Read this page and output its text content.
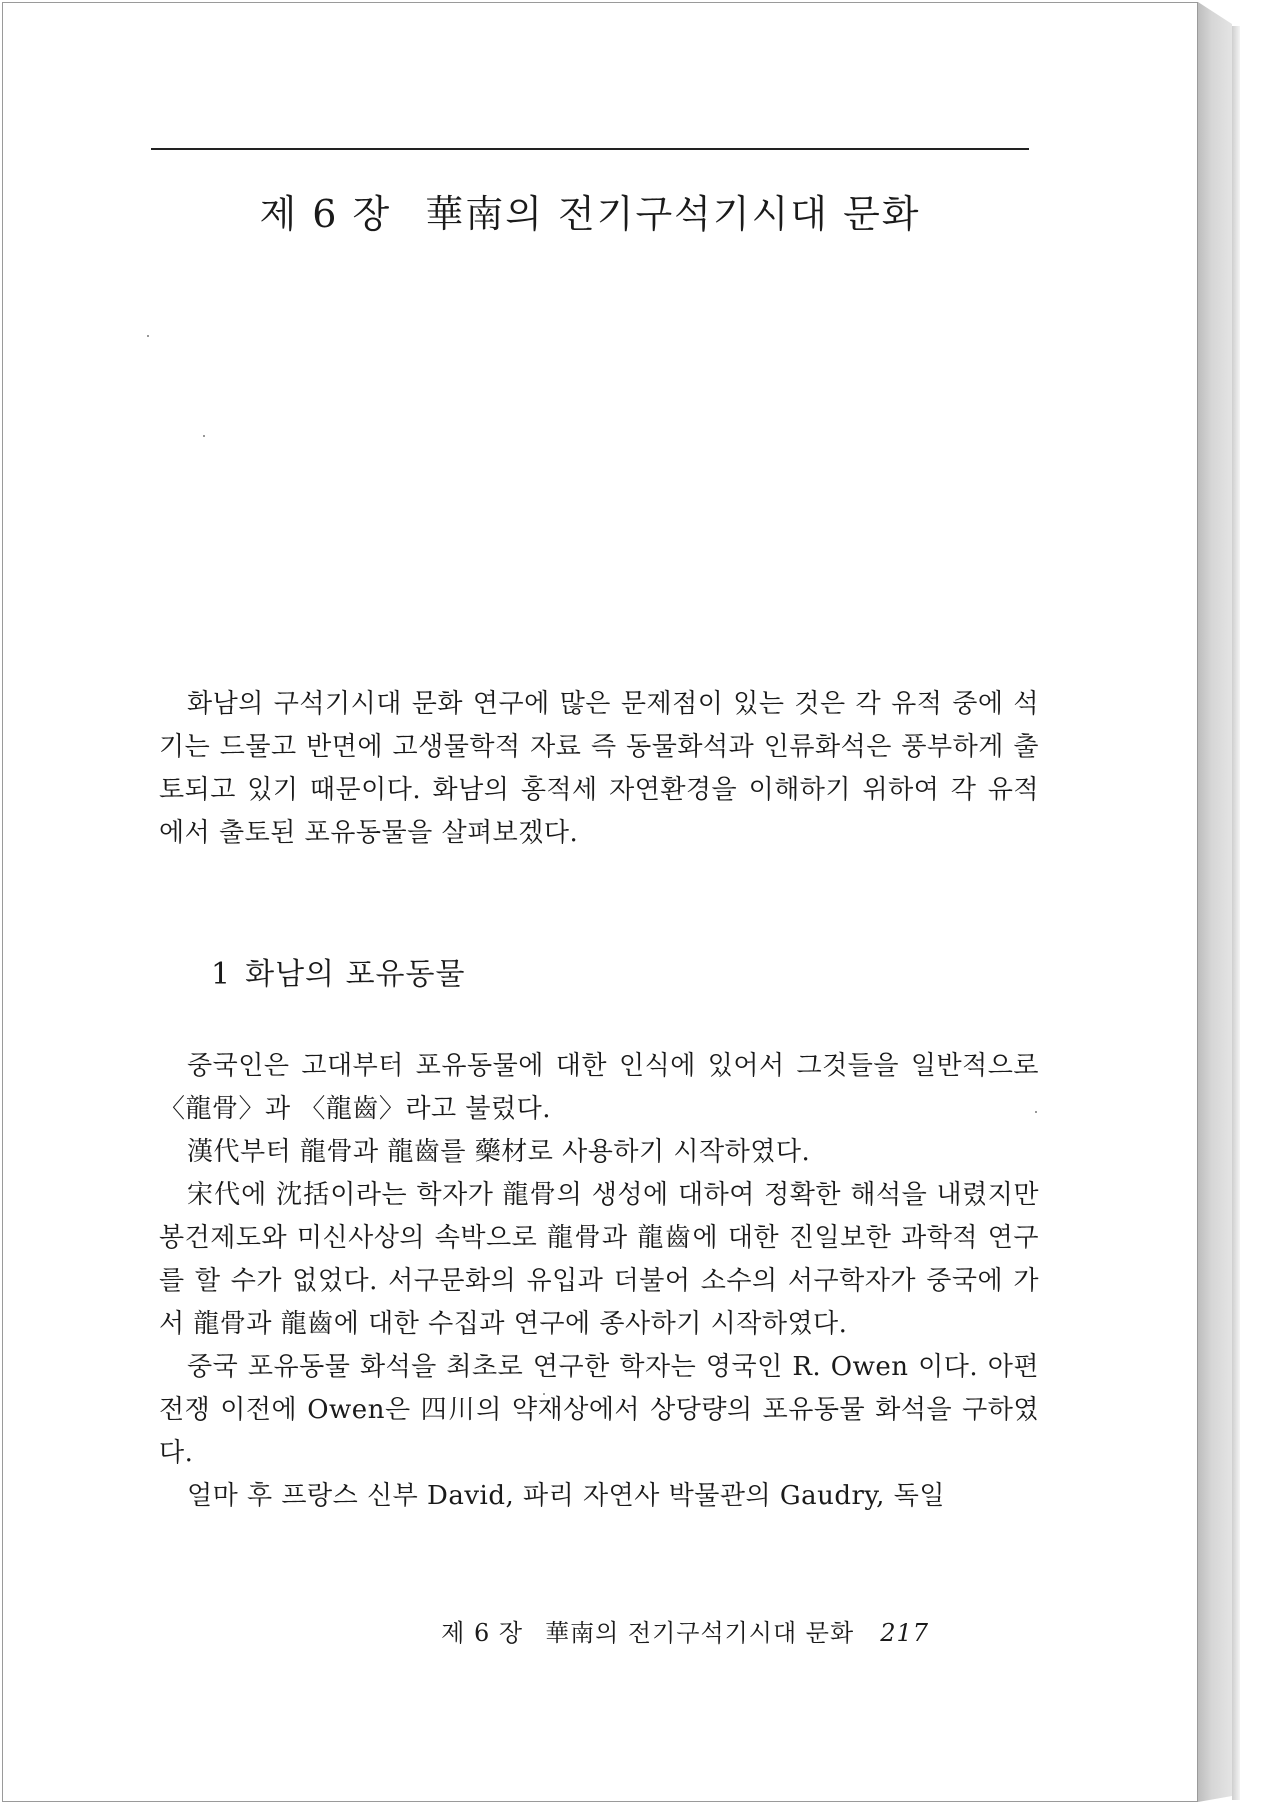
제 6 장 華南의 전기구석기시대 문화

화남의 구석기시대 문화 연구에 많은 문제점이 있는 것은 각 유적 중에 석기는 드물고 반면에 고생물학적 자료 즉 동물화석과 인류화석은 풍부하게 출토되고 있기 때문이다. 화남의 홍적세 자연환경을 이해하기 위하여 각 유적에서 출토된 포유동물을 살펴보겠다.

1 화남의 포유동물

중국인은 고대부터 포유동물에 대한 인식에 있어서 그것들을 일반적으로 〈龍骨〉과 〈龍齒〉라고 불렀다.

漢代부터 龍骨과 龍齒를 藥材로 사용하기 시작하였다.

宋代에 沈括이라는 학자가 龍骨의 생성에 대하여 정확한 해석을 내렸지만 봉건제도와 미신사상의 속박으로 龍骨과 龍齒에 대한 진일보한 과학적 연구를 할 수가 없었다. 서구문화의 유입과 더불어 소수의 서구학자가 중국에 가서 龍骨과 龍齒에 대한 수집과 연구에 종사하기 시작하였다.

중국 포유동물 화석을 최초로 연구한 학자는 영국인 R. Owen 이다. 아편전쟁 이전에 Owen은 四川의 약재상에서 상당량의 포유동물 화석을 구하였다.

얼마 후 프랑스 신부 David, 파리 자연사 박물관의 Gaudry, 독일

제 6 장 華南의 전기구석기시대 문화 217
